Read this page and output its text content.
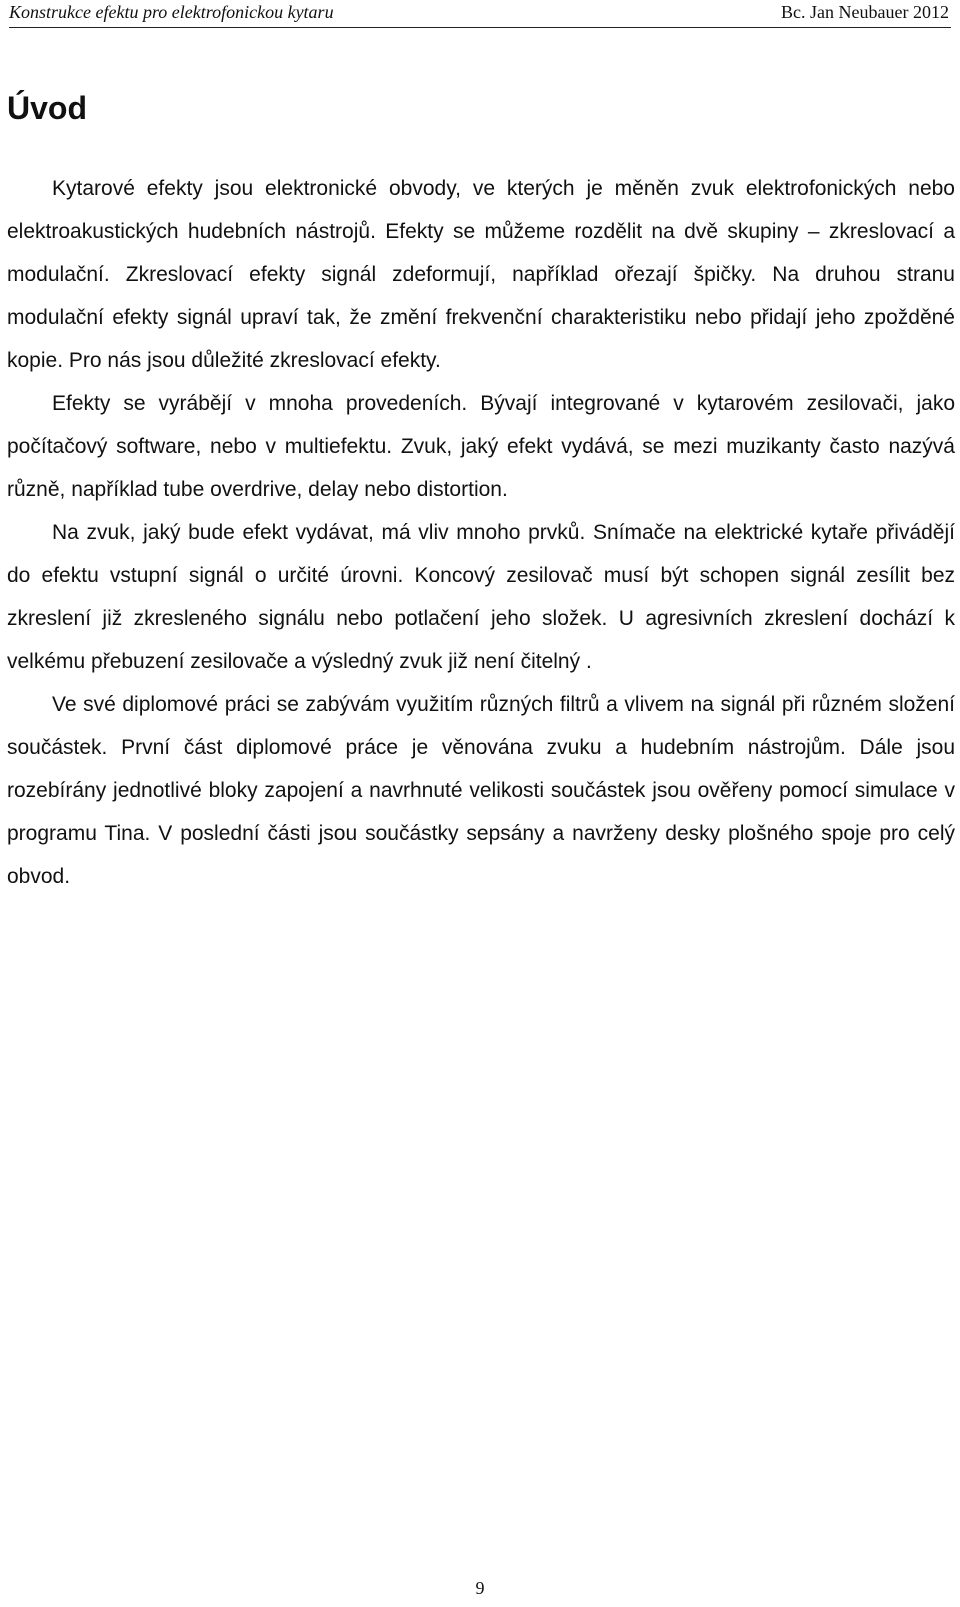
Konstrukce efektu pro elektrofonickou kytaru	Bc. Jan Neubauer 2012
Úvod

Kytarové efekty jsou elektronické obvody, ve kterých je měněn zvuk elektrofonických nebo elektroakustických hudebních nástrojů. Efekty se můžeme rozdělit na dvě skupiny – zkreslovací a modulační. Zkreslovací efekty signál zdeformují, například ořezají špičky. Na druhou stranu modulační efekty signál upraví tak, že změní frekvenční charakteristiku nebo přidají jeho zpožděné kopie. Pro nás jsou důležité zkreslovací efekty.

Efekty se vyrábějí v mnoha provedeních. Bývají integrované v kytarovém zesilovači, jako počítačový software, nebo v multiefektu. Zvuk, jaký efekt vydává, se mezi muzikanty často nazývá různě, například tube overdrive, delay nebo distortion.

Na zvuk, jaký bude efekt vydávat, má vliv mnoho prvků. Snímače na elektrické kytaře přivádějí do efektu vstupní signál o určité úrovni. Koncový zesilovač musí být schopen signál zesílit bez zkreslení již zkresleného signálu nebo potlačení jeho složek. U agresivních zkreslení dochází k velkému přebuzení zesilovače a výsledný zvuk již není čitelný .

Ve své diplomové práci se zabývám využitím různých filtrů a vlivem na signál při různém složení součástek. První část diplomové práce je věnována zvuku a hudebním nástrojům. Dále jsou rozebírány jednotlivé bloky zapojení a navrhnuté velikosti součástek jsou ověřeny pomocí simulace v programu Tina. V poslední části jsou součástky sepsány a navrženy desky plošného spoje pro celý obvod.

9
